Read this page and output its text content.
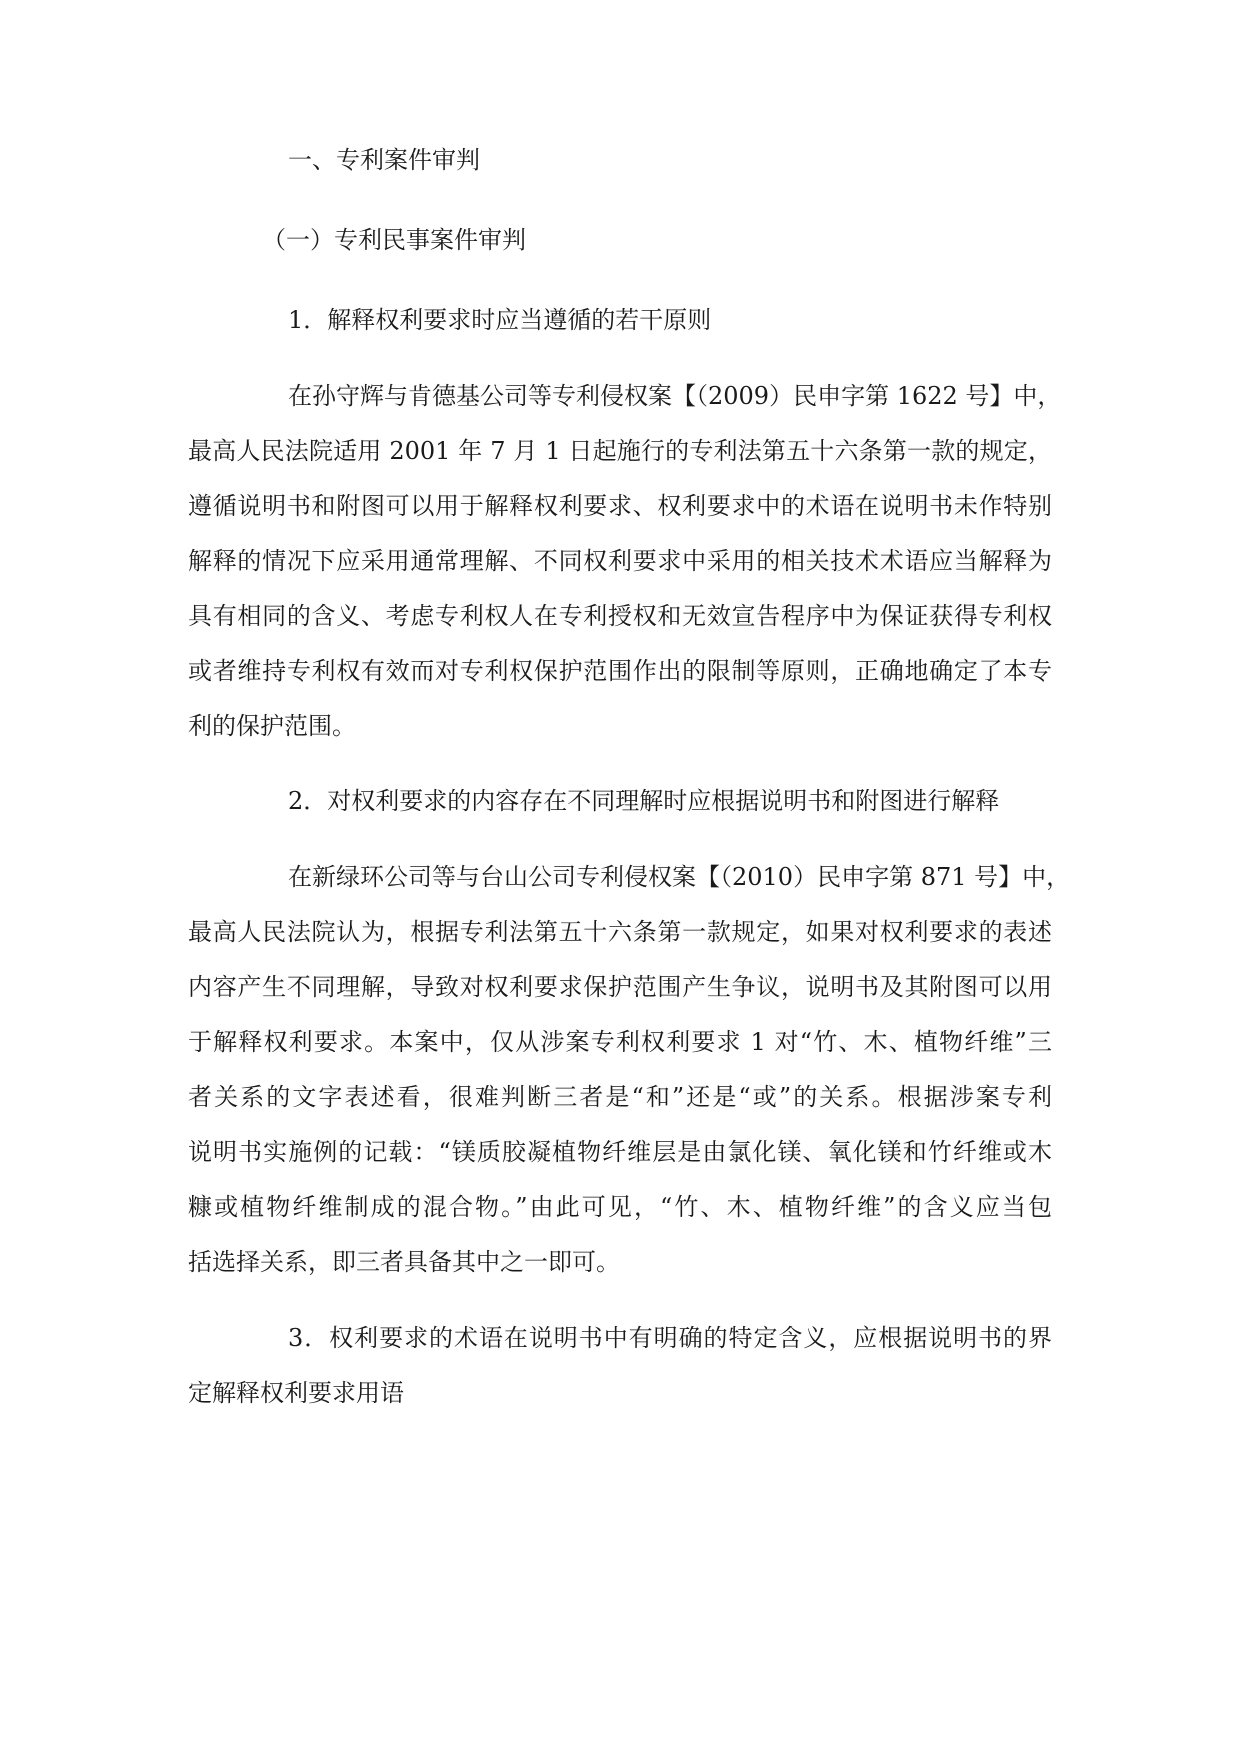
一、专利案件审判
（一）专利民事案件审判
1．解释权利要求时应当遵循的若干原则
在孙守辉与肯德基公司等专利侵权案【（2009）民申字第 1622 号】中，
最高人民法院适用 2001 年 7 月 1 日起施行的专利法第五十六条第一款的规定，
遵循说明书和附图可以用于解释权利要求、权利要求中的术语在说明书未作特别
解释的情况下应采用通常理解、不同权利要求中采用的相关技术术语应当解释为
具有相同的含义、考虑专利权人在专利授权和无效宣告程序中为保证获得专利权
或者维持专利权有效而对专利权保护范围作出的限制等原则，正确地确定了本专
利的保护范围。
2．对权利要求的内容存在不同理解时应根据说明书和附图进行解释
在新绿环公司等与台山公司专利侵权案【（2010）民申字第 871 号】中，
最高人民法院认为，根据专利法第五十六条第一款规定，如果对权利要求的表述
内容产生不同理解，导致对权利要求保护范围产生争议，说明书及其附图可以用
于解释权利要求。本案中，仅从涉案专利权利要求 1 对“竹、木、植物纤维”三
者关系的文字表述看，很难判断三者是“和”还是“或”的关系。根据涉案专利
说明书实施例的记载：“镁质胶凝植物纤维层是由氯化镁、氧化镁和竹纤维或木
糠或植物纤维制成的混合物。”由此可见，“竹、木、植物纤维”的含义应当包
括选择关系，即三者具备其中之一即可。
3．权利要求的术语在说明书中有明确的特定含义，应根据说明书的界
定解释权利要求用语
